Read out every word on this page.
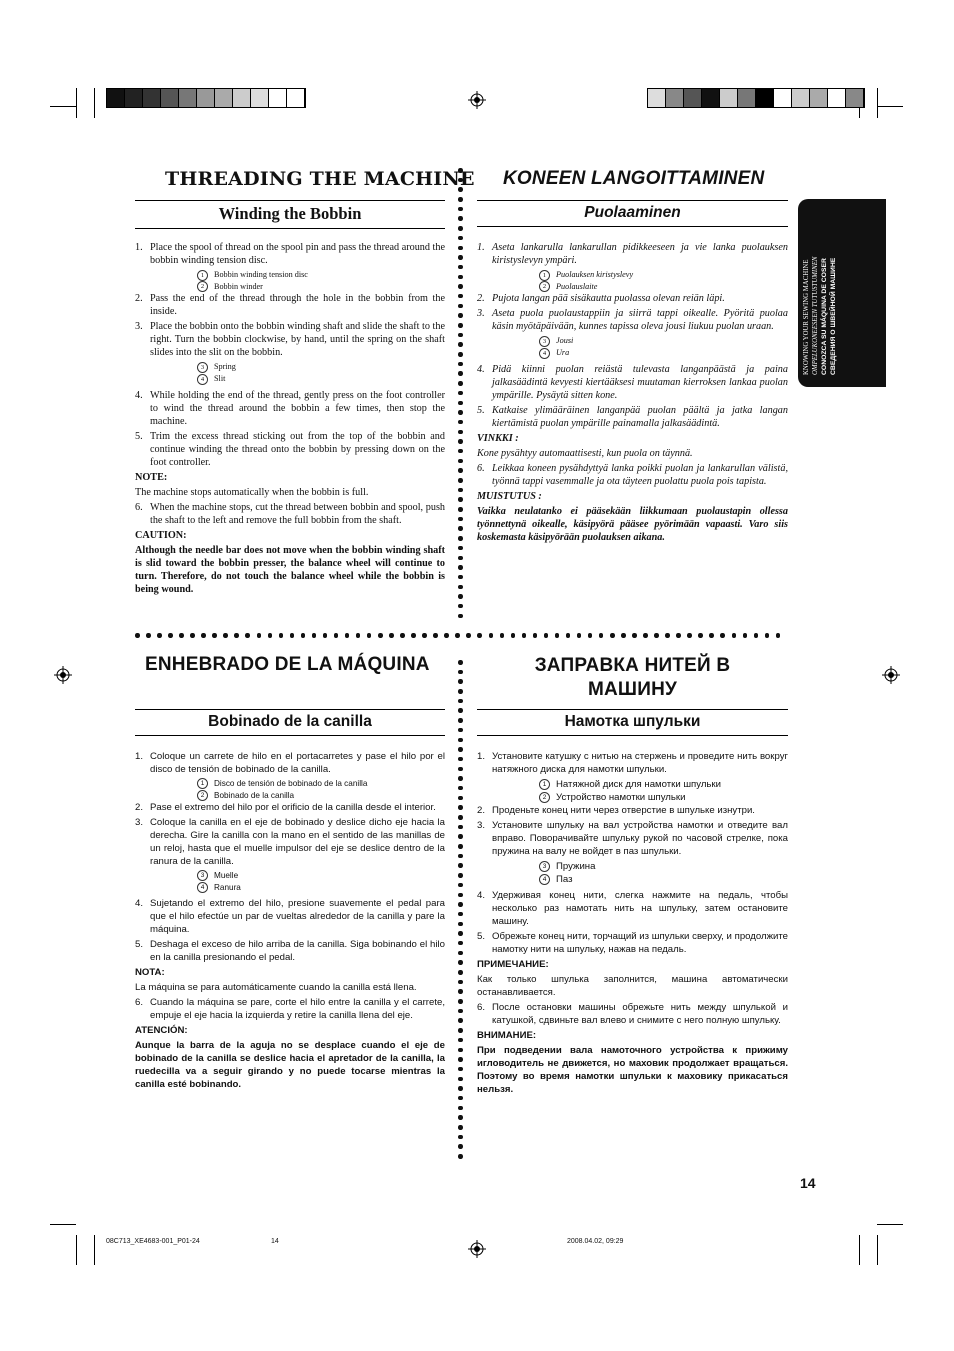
KNOWING YOUR SEWING MACHINE OMPELUKONEESEEN TUTUSTUMINEN CONOZCA SU MÁQUINA DE COSER СВЕДЕНИЯ О ШВЕЙНОЙ МАШИНЕ
THREADING THE MACHINE
Winding the Bobbin
1. Place the spool of thread on the spool pin and pass the thread around the bobbin winding tension disc.
1 Bobbin winding tension disc
2 Bobbin winder
2. Pass the end of the thread through the hole in the bobbin from the inside.
3. Place the bobbin onto the bobbin winding shaft and slide the shaft to the right. Turn the bobbin clockwise, by hand, until the spring on the shaft slides into the slit on the bobbin.
3 Spring
4 Slit
4. While holding the end of the thread, gently press on the foot controller to wind the thread around the bobbin a few times, then stop the machine.
5. Trim the excess thread sticking out from the top of the bobbin and continue winding the thread onto the bobbin by pressing down on the foot controller.

NOTE:

The machine stops automatically when the bobbin is full.

6. When the machine stops, cut the thread between bobbin and spool, push the shaft to the left and remove the full bobbin from the shaft.

CAUTION:

Although the needle bar does not move when the bobbin winding shaft is slid toward the bobbin presser, the balance wheel will continue to turn. Therefore, do not touch the balance wheel while the bobbin is being wound.

KONEEN LANGOITTAMINEN
Puolaaminen
1. Aseta lankarulla lankarullan pidikkeeseen ja vie lanka puolauksen kiristyslevyn ympäri.
1 Puolauksen kiristyslevy
2 Puolauslaite
2. Pujota langan pää sisäkautta puolassa olevan reiän läpi.
3. Aseta puola puolaustappiin ja siirrä tappi oikealle. Pyöritä puolaa käsin myötäpäivään, kunnes tapissa oleva jousi liukuu puolan uraan.
3 Jousi
4 Ura
4. Pidä kiinni puolan reiästä tulevasta langanpäästä ja paina jalkasäädintä kevyesti kiertääksesi muutaman kierroksen lankaa puolan ympärille. Pysäytä sitten kone.
5. Katkaise ylimääräinen langanpää puolan päältä ja jatka langan kiertämistä puolan ympärille painamalla jalkasäädintä.

VINKKI :

Kone pysähtyy automaattisesti, kun puola on täynnä.

6. Leikkaa koneen pysähdyttyä lanka poikki puolan ja lankarullan välistä, työnnä tappi vasemmalle ja ota täyteen puolattu puola pois tapista.

MUISTUTUS :

Vaikka neulatanko ei pääsekään liikkumaan puolaustapin ollessa työnnettynä oikealle, käsipyörä pääsee pyörimään vapaasti. Varo siis koskemasta käsipyörään puolauksen aikana.

ENHEBRADO DE LA MÁQUINA
Bobinado de la canilla
1. Coloque un carrete de hilo en el portacarretes y pase el hilo por el disco de tensión de bobinado de la canilla.
1 Disco de tensión de bobinado de la canilla
2 Bobinado de la canilla
2. Pase el extremo del hilo por el orificio de la canilla desde el interior.
3. Coloque la canilla en el eje de bobinado y deslice dicho eje hacia la derecha. Gire la canilla con la mano en el sentido de las manillas de un reloj, hasta que el muelle impulsor del eje se deslice dentro de la ranura de la canilla.
3 Muelle
4 Ranura
4. Sujetando el extremo del hilo, presione suavemente el pedal para que el hilo efectúe un par de vueltas alrededor de la canilla y pare la máquina.
5. Deshaga el exceso de hilo arriba de la canilla. Siga bobinando el hilo en la canilla presionando el pedal.

NOTA:

La máquina se para automáticamente cuando la canilla está llena.

6. Cuando la máquina se pare, corte el hilo entre la canilla y el carrete, empuje el eje hacia la izquierda y retire la canilla llena del eje.

ATENCIÓN:

Aunque la barra de la aguja no se desplace cuando el eje de bobinado de la canilla se deslice hacia el apretador de la canilla, la ruedecilla va a seguir girando y no puede tocarse mientras la canilla esté bobinando.

ЗАПРАВКА НИТЕЙ В
МАШИНУ
Намотка шпульки
1. Установите катушку с нитью на стержень и проведите нить вокруг натяжного диска для намотки шпульки.
1 Натяжной диск для намотки шпульки
2 Устройство намотки шпульки
2. Проденьте конец нити через отверстие в шпульке изнутри.
3. Установите шпульку на вал устройства намотки и отведите вал вправо. Поворачивайте шпульку рукой по часовой стрелке, пока пружина на валу не войдет в паз шпульки.
3 Пружина
4 Паз
4. Удерживая конец нити, слегка нажмите на педаль, чтобы несколько раз намотать нить на шпульку, затем остановите машину.
5. Обрежьте конец нити, торчащий из шпульки сверху, и продолжите намотку нити на шпульку, нажав на педаль.

ПРИМЕЧАНИЕ:

Как только шпулька заполнится, машина автоматически останавливается.

6. После остановки машины обрежьте нить между шпулькой и катушкой, сдвиньте вал влево и снимите с него полную шпульку.

ВНИМАНИЕ:

При подведении вала намоточного устройства к прижиму игловодитель не движется, но маховик продолжает вращаться. Поэтому во время намотки шпульки к маховику прикасаться нельзя.

14
08C713_XE4683-001_P01-24	14	2008.04.02, 09:29
